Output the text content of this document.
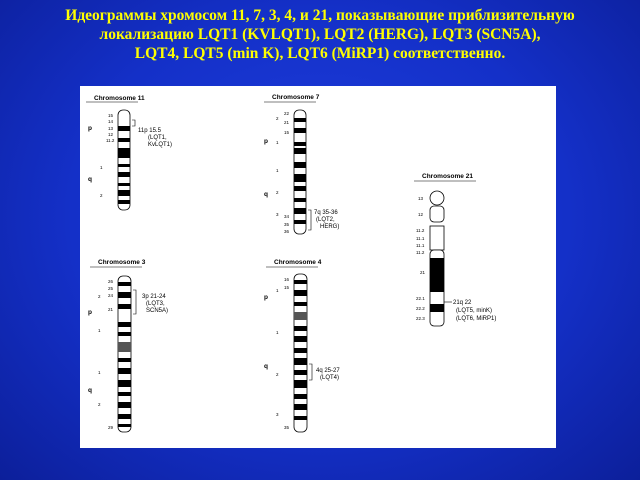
Идеограммы хромосом 11, 7, 3, 4, и 21, показывающие приблизительную
локализацию LQT1 (KVLQT1), LQT2 (HERG), LQT3 (SCN5A),
LQT4, LQT5 (min K), LQT6 (MiRP1) соответственно.
Chromosome 11
p
q
1
2
15
14
13
12
11.2
11p 15.5
(LQT1,
KvLQT1)
Chromosome 7
p
q
2
1
1
2
3
22
21
15
34
35
36
7q 35-36
(LQT2,
HERG)
Chromosome 3
p
q
2
1
1
2
26
25
24
21
29
3p 21-24
(LQT3,
SCN5A)
Chromosome 4
p
q
1
1
2
3
16
15
35
4q 25-27
(LQT4)
Chromosome 21
13
12
11.2
11.1
11.1
11.2
21
22.1
22.2
22.3
21q 22
(LQT5, minK)
(LQT6, MiRP1)
